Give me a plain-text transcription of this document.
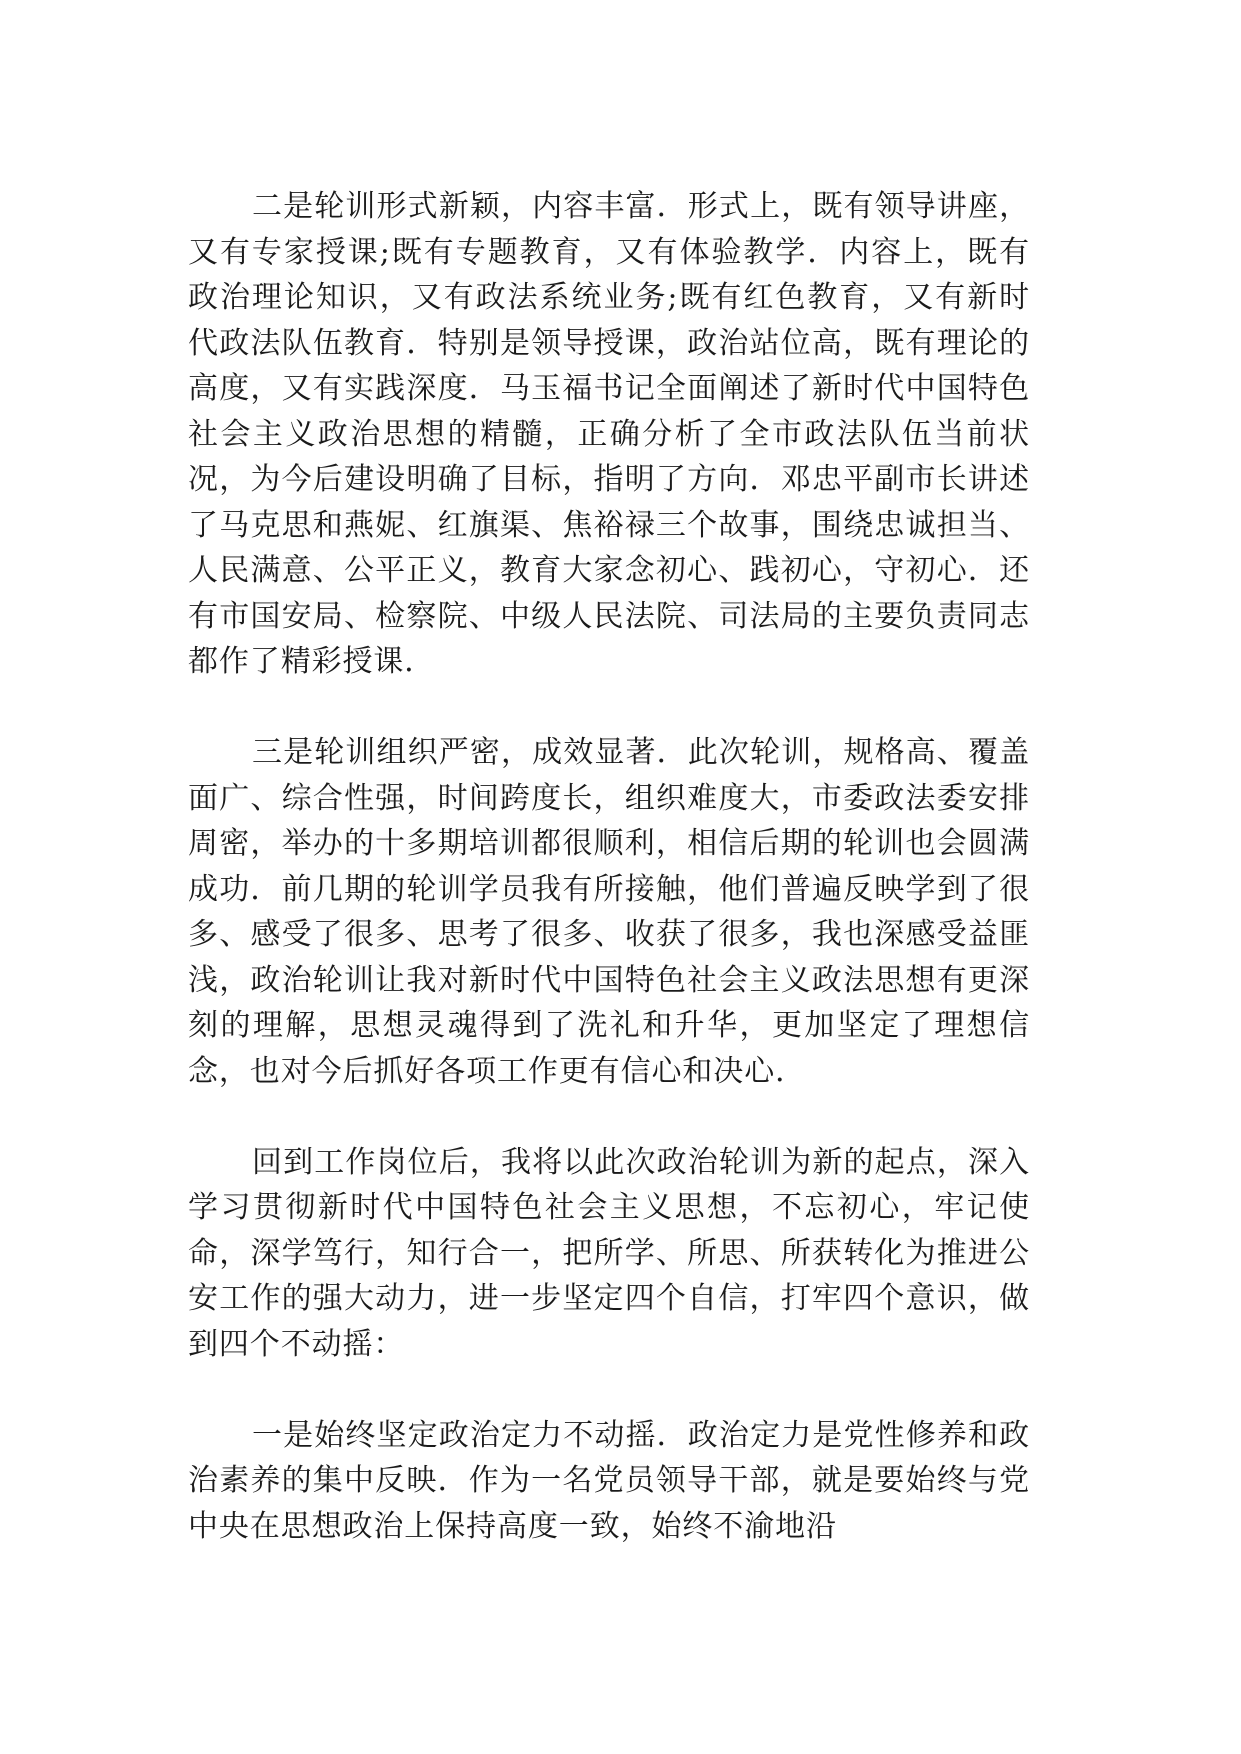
二是轮训形式新颖，内容丰富．形式上，既有领导讲座，又有专家授课;既有专题教育，又有体验教学．内容上，既有政治理论知识，又有政法系统业务;既有红色教育，又有新时代政法队伍教育．特别是领导授课，政治站位高，既有理论的高度，又有实践深度．马玉福书记全面阐述了新时代中国特色社会主义政治思想的精髓，正确分析了全市政法队伍当前状况，为今后建设明确了目标，指明了方向．邓忠平副市长讲述了马克思和燕妮、红旗渠、焦裕禄三个故事，围绕忠诚担当、人民满意、公平正义，教育大家念初心、践初心，守初心．还有市国安局、检察院、中级人民法院、司法局的主要负责同志都作了精彩授课．

三是轮训组织严密，成效显著．此次轮训，规格高、覆盖面广、综合性强，时间跨度长，组织难度大，市委政法委安排周密，举办的十多期培训都很顺利，相信后期的轮训也会圆满成功．前几期的轮训学员我有所接触，他们普遍反映学到了很多、感受了很多、思考了很多、收获了很多，我也深感受益匪浅，政治轮训让我对新时代中国特色社会主义政法思想有更深刻的理解，思想灵魂得到了洗礼和升华，更加坚定了理想信念，也对今后抓好各项工作更有信心和决心．

回到工作岗位后，我将以此次政治轮训为新的起点，深入学习贯彻新时代中国特色社会主义思想，不忘初心，牢记使命，深学笃行，知行合一，把所学、所思、所获转化为推进公安工作的强大动力，进一步坚定四个自信，打牢四个意识，做到四个不动摇：

一是始终坚定政治定力不动摇．政治定力是党性修养和政治素养的集中反映．作为一名党员领导干部，就是要始终与党中央在思想政治上保持高度一致，始终不渝地沿
